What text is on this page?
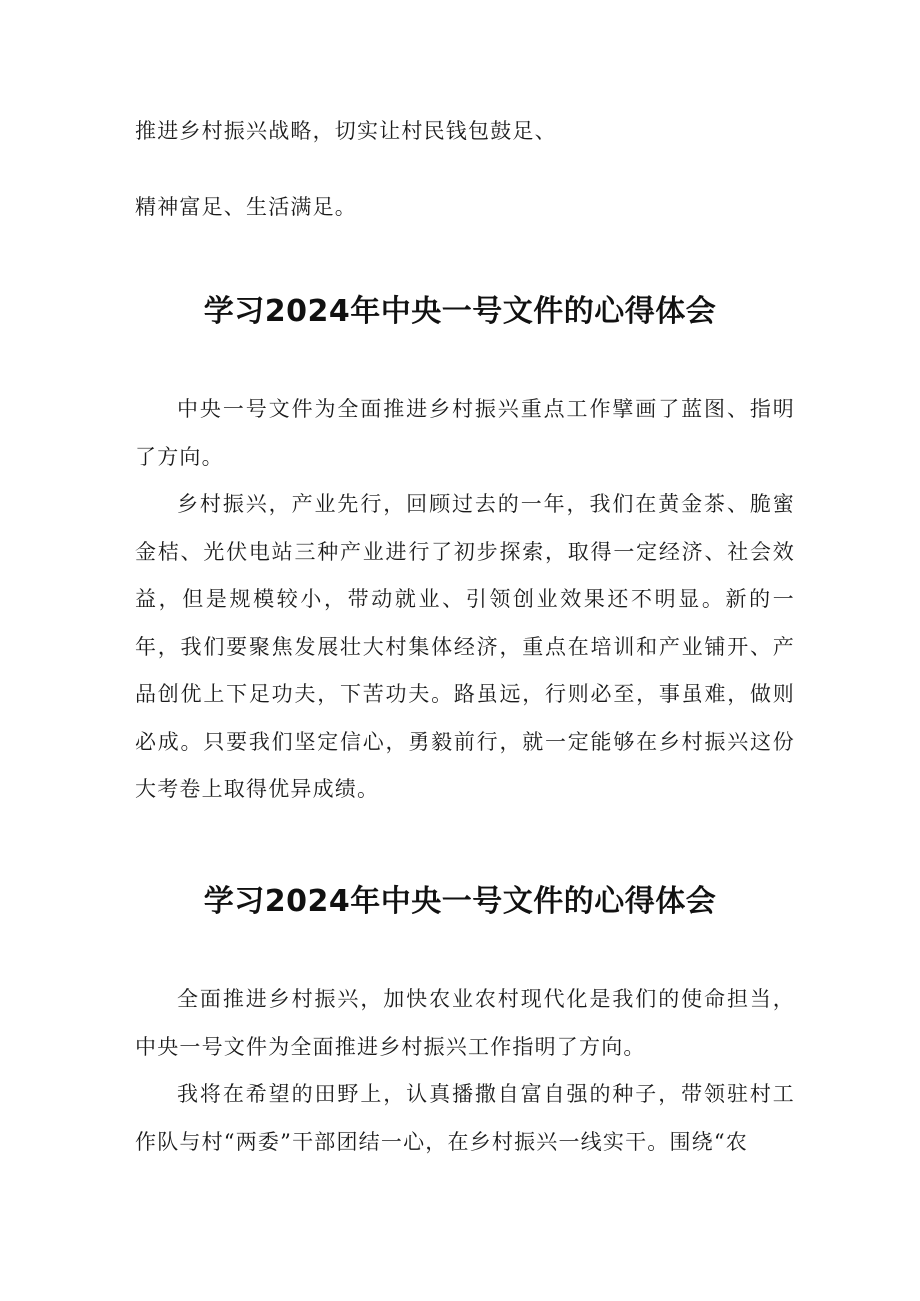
推进乡村振兴战略，切实让村民钱包鼓足、
精神富足、生活满足。
学习2024年中央一号文件的心得体会
中央一号文件为全面推进乡村振兴重点工作擘画了蓝图、指明了方向。
乡村振兴，产业先行，回顾过去的一年，我们在黄金茶、脆蜜金桔、光伏电站三种产业进行了初步探索，取得一定经济、社会效益，但是规模较小，带动就业、引领创业效果还不明显。新的一年，我们要聚焦发展壮大村集体经济，重点在培训和产业铺开、产品创优上下足功夫，下苦功夫。路虽远，行则必至，事虽难，做则必成。只要我们坚定信心，勇毅前行，就一定能够在乡村振兴这份大考卷上取得优异成绩。
学习2024年中央一号文件的心得体会
全面推进乡村振兴，加快农业农村现代化是我们的使命担当，中央一号文件为全面推进乡村振兴工作指明了方向。
我将在希望的田野上，认真播撒自富自强的种子，带领驻村工作队与村“两委”干部团结一心，在乡村振兴一线实干。围绕“农
